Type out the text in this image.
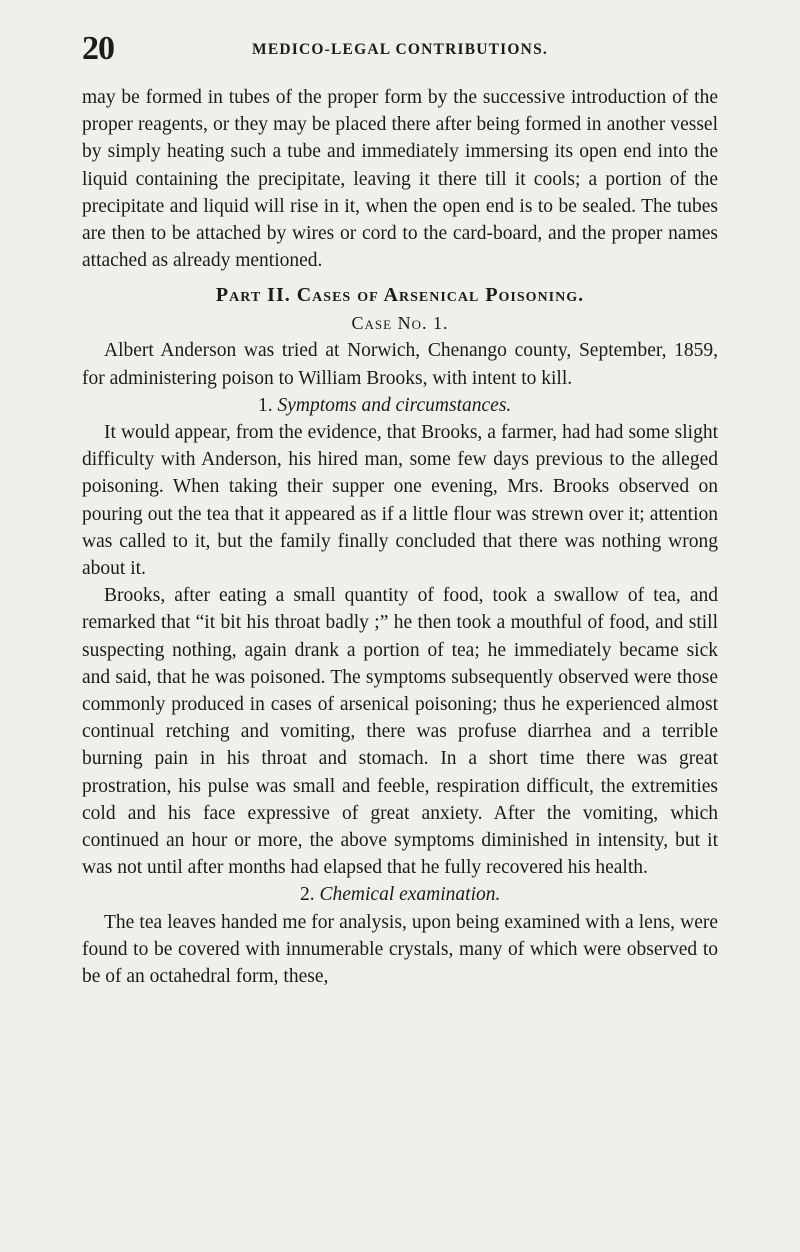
20	MEDICO-LEGAL CONTRIBUTIONS.

may be formed in tubes of the proper form by the successive introduction of the proper reagents, or they may be placed there after being formed in another vessel by simply heating such a tube and immediately immersing its open end into the liquid containing the precipitate, leaving it there till it cools; a portion of the precipitate and liquid will rise in it, when the open end is to be sealed. The tubes are then to be attached by wires or cord to the card-board, and the proper names attached as already mentioned.

Part II. Cases of Arsenical Poisoning.
Case No. 1.

Albert Anderson was tried at Norwich, Chenango county, September, 1859, for administering poison to William Brooks, with intent to kill.

1. Symptoms and circumstances.

It would appear, from the evidence, that Brooks, a farmer, had had some slight difficulty with Anderson, his hired man, some few days previous to the alleged poisoning. When taking their supper one evening, Mrs. Brooks observed on pouring out the tea that it appeared as if a little flour was strewn over it; attention was called to it, but the family finally concluded that there was nothing wrong about it.

Brooks, after eating a small quantity of food, took a swallow of tea, and remarked that “it bit his throat badly ;” he then took a mouthful of food, and still suspecting nothing, again drank a portion of tea; he immediately became sick and said, that he was poisoned. The symptoms subsequently observed were those commonly produced in cases of arsenical poisoning; thus he experienced almost continual retching and vomiting, there was profuse diarrhea and a terrible burning pain in his throat and stomach. In a short time there was great prostration, his pulse was small and feeble, respiration difficult, the extremities cold and his face expressive of great anxiety. After the vomiting, which continued an hour or more, the above symptoms diminished in intensity, but it was not until after months had elapsed that he fully recovered his health.

2. Chemical examination.

The tea leaves handed me for analysis, upon being examined with a lens, were found to be covered with innumerable crystals, many of which were observed to be of an octahedral form, these,
